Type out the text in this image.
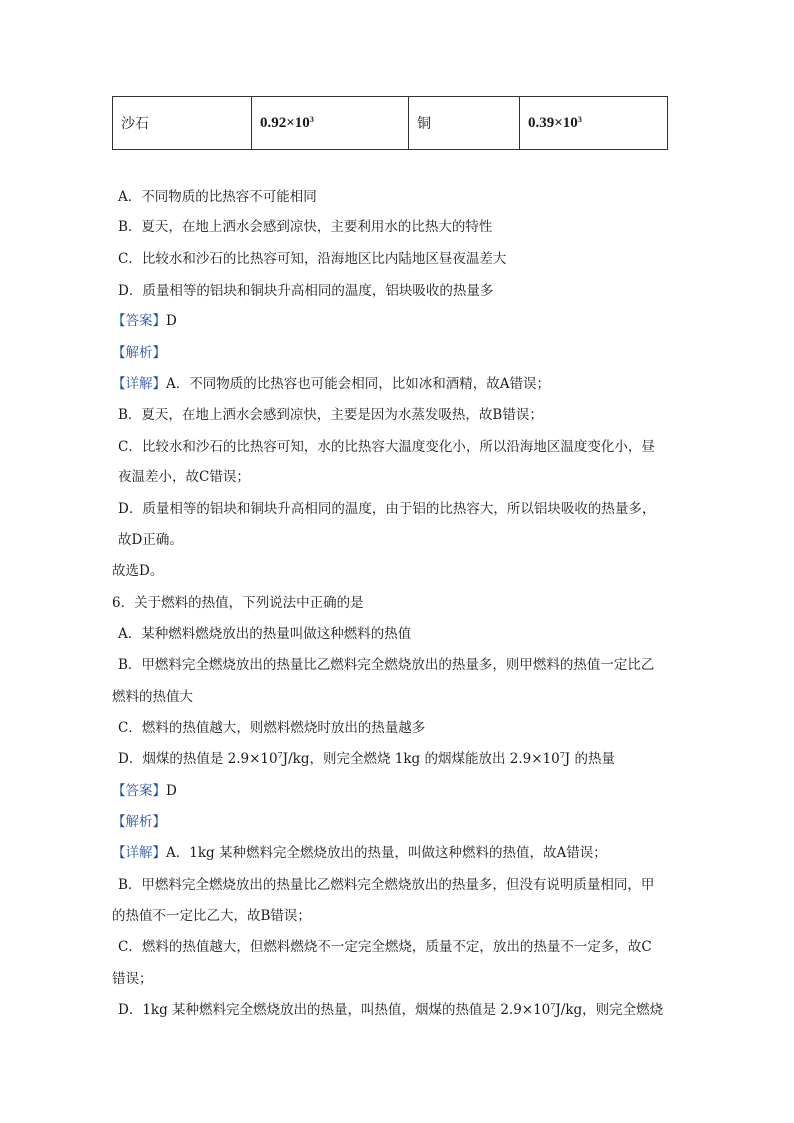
沙石	$0.92\times 10^3$	铜	$0.39\times 10^3$
A．不同物质的比热容不可能相同
B．夏天，在地上洒水会感到凉快，主要利用水的比热大的特性
C．比较水和沙石的比热容可知，沿海地区比内陆地区昼夜温差大
D．质量相等的铝块和铜块升高相同的温度，铝块吸收的热量多
【答案】D
【解析】
【详解】A．不同物质的比热容也可能会相同，比如冰和酒精，故A错误；
B．夏天，在地上洒水会感到凉快，主要是因为水蒸发吸热，故B错误；
C．比较水和沙石的比热容可知，水的比热容大温度变化小，所以沿海地区温度变化小，昼
夜温差小，故C错误；
D．质量相等的铝块和铜块升高相同的温度，由于铝的比热容大，所以铝块吸收的热量多，
故D正确。
故选D。
6．关于燃料的热值，下列说法中正确的是
A．某种燃料燃烧放出的热量叫做这种燃料的热值
B．甲燃料完全燃烧放出的热量比乙燃料完全燃烧放出的热量多，则甲燃料的热值一定比乙
燃料的热值大
C．燃料的热值越大，则燃料燃烧时放出的热量越多
D．烟煤的热值是 $2.9\times 10^7J/kg$，则完全燃烧 1kg 的烟煤能放出 $2.9\times 10^7J$ 的热量
【答案】D
【解析】
【详解】A．1kg 某种燃料完全燃烧放出的热量，叫做这种燃料的热值，故A错误；
B．甲燃料完全燃烧放出的热量比乙燃料完全燃烧放出的热量多，但没有说明质量相同，甲
的热值不一定比乙大，故B错误；
C．燃料的热值越大，但燃料燃烧不一定完全燃烧，质量不定，放出的热量不一定多，故C
错误；
D．1kg 某种燃料完全燃烧放出的热量，叫热值，烟煤的热值是 $2.9\times 10^7J/kg$，则完全燃烧
